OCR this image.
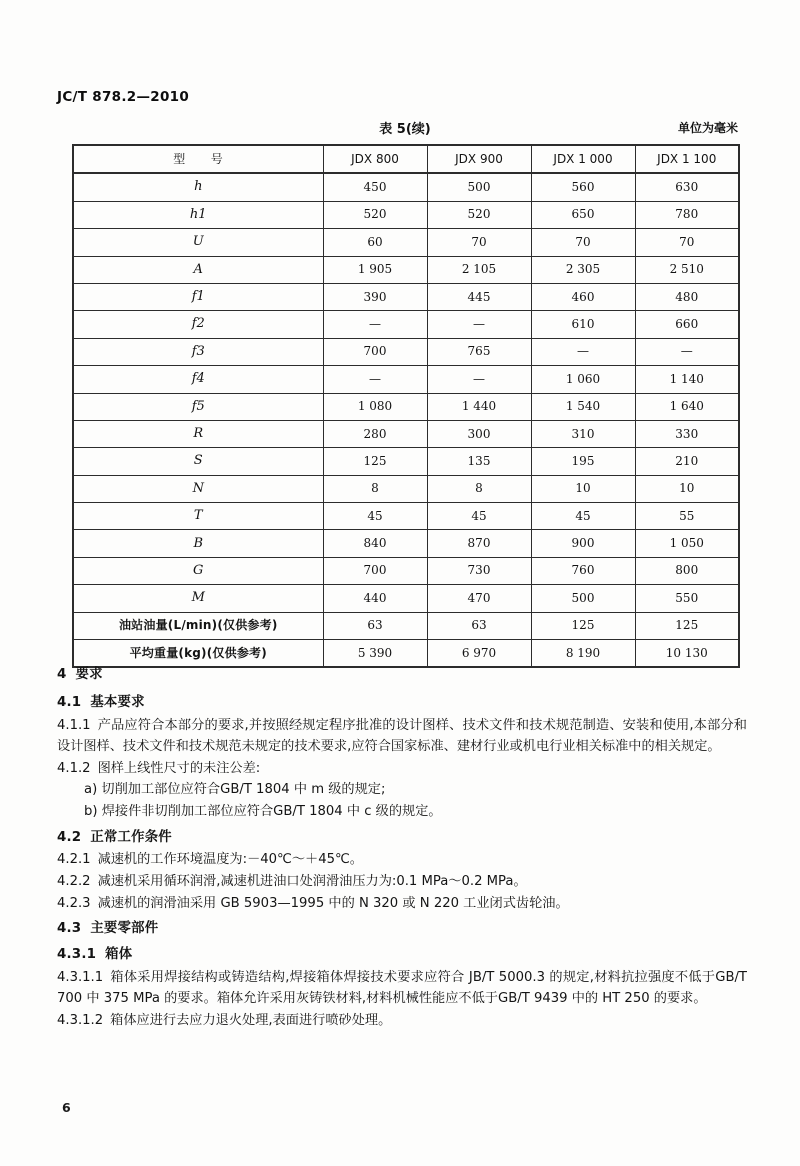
JC/T 878.2—2010
表 5(续)	单位为毫米
型　　号	JDX 800	JDX 900	JDX 1 000	JDX 1 100
h	450	500	560	630
h1	520	520	650	780
U	60	70	70	70
A	1 905	2 105	2 305	2 510
f1	390	445	460	480
f2	—	—	610	660
f3	700	765	—	—
f4	—	—	1 060	1 140
f5	1 080	1 440	1 540	1 640
R	280	300	310	330
S	125	135	195	210
N	8	8	10	10
T	45	45	45	55
B	840	870	900	1 050
G	700	730	760	800
M	440	470	500	550
油站油量(L/min)(仅供参考)	63	63	125	125
平均重量(kg)(仅供参考)	5 390	6 970	8 190	10 130
4 要求
4.1 基本要求

4.1.1 产品应符合本部分的要求,并按照经规定程序批准的设计图样、技术文件和技术规范制造、安装和使用,本部分和设计图样、技术文件和技术规范未规定的技术要求,应符合国家标准、建材行业或机电行业相关标准中的相关规定。

4.1.2 图样上线性尺寸的未注公差:

a) 切削加工部位应符合GB/T 1804 中 m 级的规定;

b) 焊接件非切削加工部位应符合GB/T 1804 中 c 级的规定。

4.2 正常工作条件

4.2.1 减速机的工作环境温度为:－40℃～＋45℃。

4.2.2 减速机采用循环润滑,减速机进油口处润滑油压力为:0.1 MPa～0.2 MPa。

4.2.3 减速机的润滑油采用 GB 5903—1995 中的 N 320 或 N 220 工业闭式齿轮油。

4.3 主要零部件
4.3.1 箱体

4.3.1.1 箱体采用焊接结构或铸造结构,焊接箱体焊接技术要求应符合 JB/T 5000.3 的规定,材料抗拉强度不低于GB/T 700 中 375 MPa 的要求。箱体允许采用灰铸铁材料,材料机械性能应不低于GB/T 9439 中的 HT 250 的要求。

4.3.1.2 箱体应进行去应力退火处理,表面进行喷砂处理。

6
